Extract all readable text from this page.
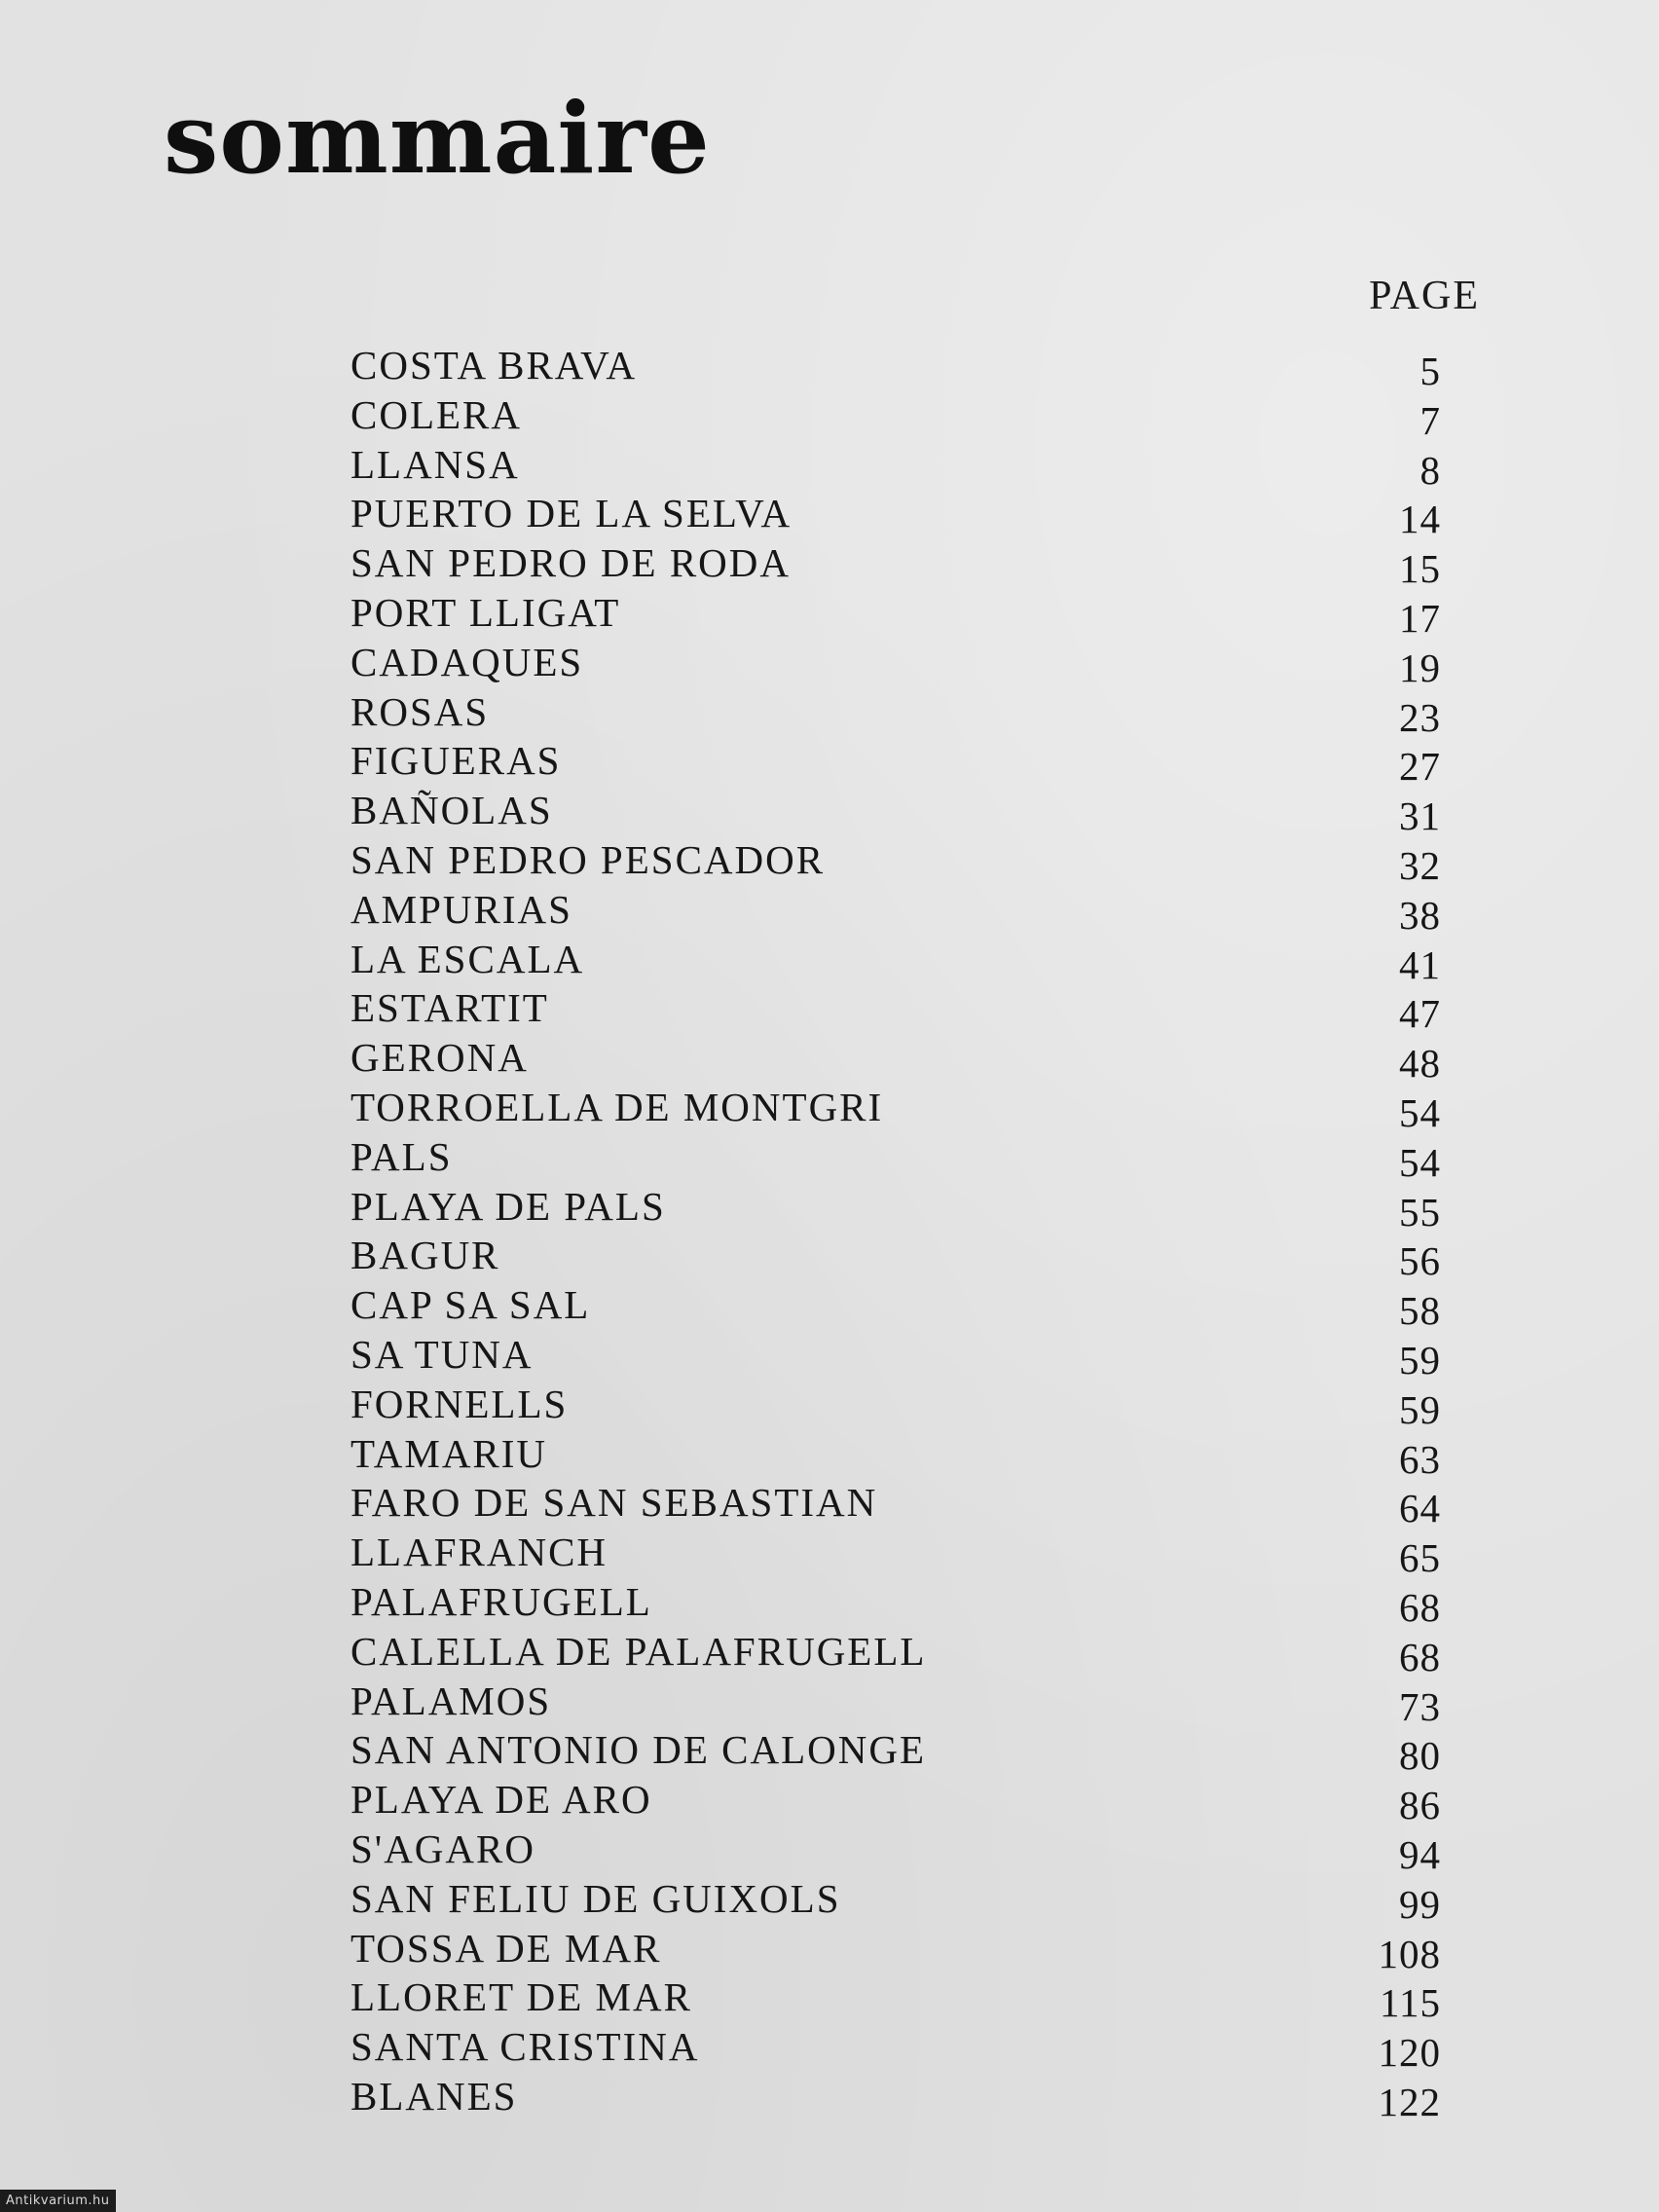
sommaire
PAGE
COSTA BRAVA	5
COLERA	7
LLANSA	8
PUERTO DE LA SELVA	14
SAN PEDRO DE RODA	15
PORT LLIGAT	17
CADAQUES	19
ROSAS	23
FIGUERAS	27
BAÑOLAS	31
SAN PEDRO PESCADOR	32
AMPURIAS	38
LA ESCALA	41
ESTARTIT	47
GERONA	48
TORROELLA DE MONTGRI	54
PALS	54
PLAYA DE PALS	55
BAGUR	56
CAP SA SAL	58
SA TUNA	59
FORNELLS	59
TAMARIU	63
FARO DE SAN SEBASTIAN	64
LLAFRANCH	65
PALAFRUGELL	68
CALELLA DE PALAFRUGELL	68
PALAMOS	73
SAN ANTONIO DE CALONGE	80
PLAYA DE ARO	86
S'AGARO	94
SAN FELIU DE GUIXOLS	99
TOSSA DE MAR	108
LLORET DE MAR	115
SANTA CRISTINA	120
BLANES	122
Antikvarium.hu
